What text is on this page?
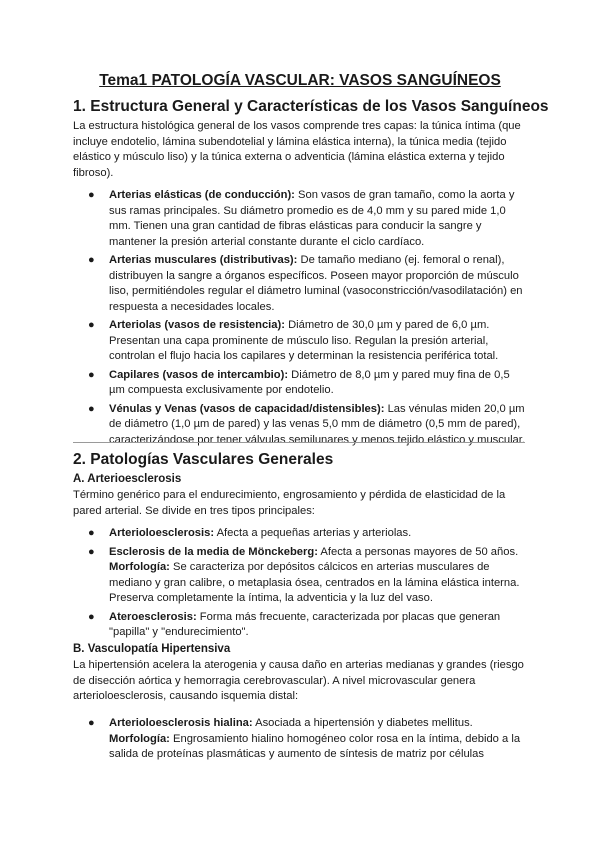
Tema1 PATOLOGÍA VASCULAR: VASOS SANGUÍNEOS
1. Estructura General y Características de los Vasos Sanguíneos

La estructura histológica general de los vasos comprende tres capas: la túnica íntima (que incluye endotelio, lámina subendotelial y lámina elástica interna), la túnica media (tejido elástico y músculo liso) y la túnica externa o adventicia (lámina elástica externa y tejido fibroso).

● Arterias elásticas (de conducción): Son vasos de gran tamaño, como la aorta y sus ramas principales. Su diámetro promedio es de 4,0 mm y su pared mide 1,0 mm. Tienen una gran cantidad de fibras elásticas para conducir la sangre y mantener la presión arterial constante durante el ciclo cardíaco.
● Arterias musculares (distributivas): De tamaño mediano (ej. femoral o renal), distribuyen la sangre a órganos específicos. Poseen mayor proporción de músculo liso, permitiéndoles regular el diámetro luminal (vasoconstricción/vasodilatación) en respuesta a necesidades locales.
● Arteriolas (vasos de resistencia): Diámetro de 30,0 µm y pared de 6,0 µm. Presentan una capa prominente de músculo liso. Regulan la presión arterial, controlan el flujo hacia los capilares y determinan la resistencia periférica total.
● Capilares (vasos de intercambio): Diámetro de 8,0 µm y pared muy fina de 0,5 µm compuesta exclusivamente por endotelio.
● Vénulas y Venas (vasos de capacidad/distensibles): Las vénulas miden 20,0 µm de diámetro (1,0 µm de pared) y las venas 5,0 mm de diámetro (0,5 mm de pared), caracterizándose por tener válvulas semilunares y menos tejido elástico y muscular.
2. Patologías Vasculares Generales
A. Arterioesclerosis

Término genérico para el endurecimiento, engrosamiento y pérdida de elasticidad de la pared arterial. Se divide en tres tipos principales:

● Arterioloesclerosis: Afecta a pequeñas arterias y arteriolas.
● Esclerosis de la media de Mönckeberg: Afecta a personas mayores de 50 años.
Morfología: Se caracteriza por depósitos cálcicos en arterias musculares de mediano y gran calibre, o metaplasia ósea, centrados en la lámina elástica interna. Preserva completamente la íntima, la adventicia y la luz del vaso.
● Ateroesclerosis: Forma más frecuente, caracterizada por placas que generan "papilla" y "endurecimiento".
B. Vasculopatía Hipertensiva

La hipertensión acelera la aterogenia y causa daño en arterias medianas y grandes (riesgo de disección aórtica y hemorragia cerebrovascular). A nivel microvascular genera arterioloesclerosis, causando isquemia distal:

● Arterioloesclerosis hialina: Asociada a hipertensión y diabetes mellitus.
Morfología: Engrosamiento hialino homogéneo color rosa en la íntima, debido a la salida de proteínas plasmáticas y aumento de síntesis de matriz por células
